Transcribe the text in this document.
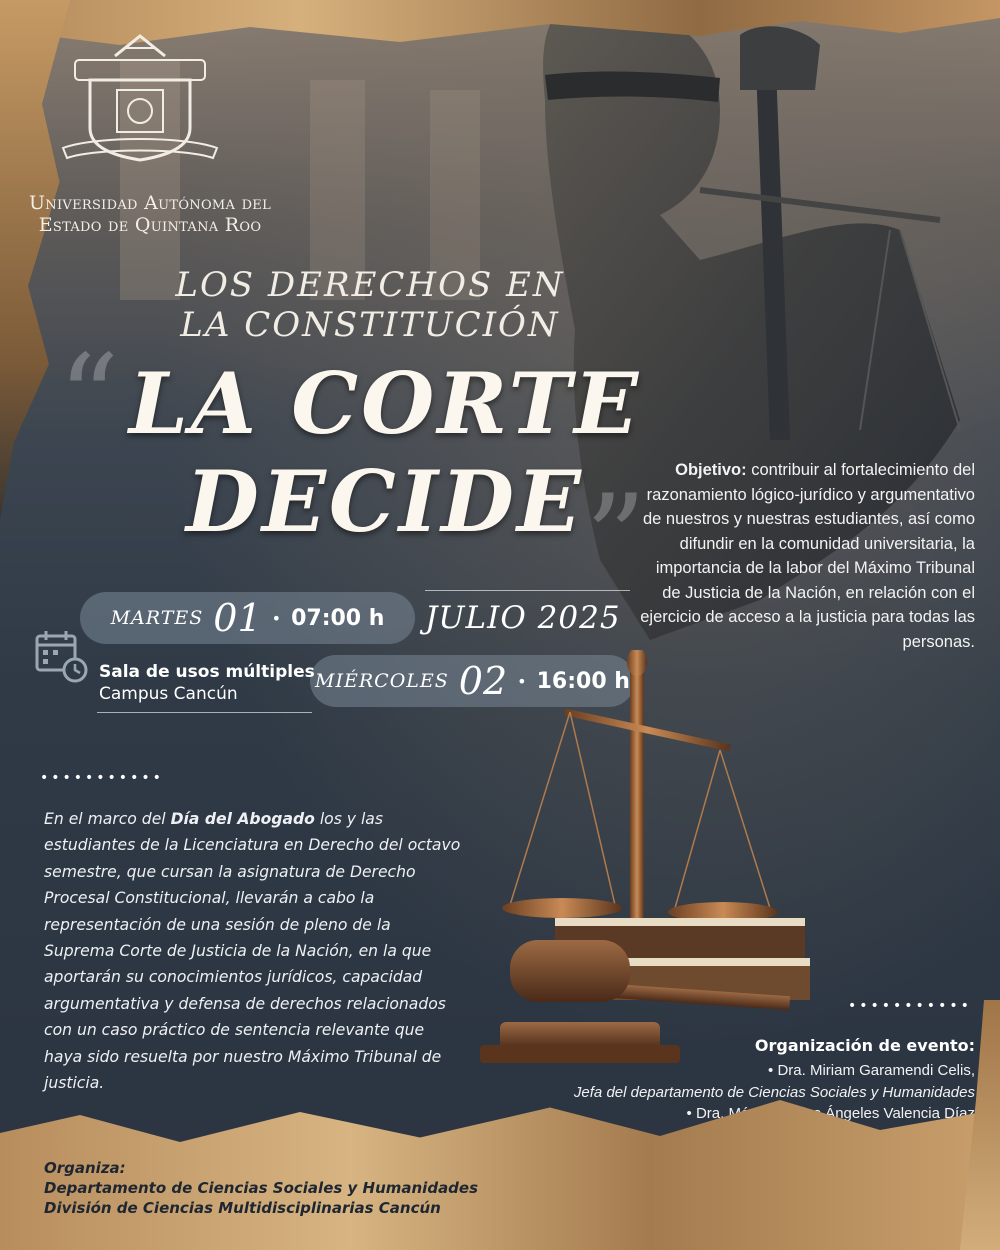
Universidad Autónoma del
Estado de Quintana Roo
LOS DERECHOS EN
LA CONSTITUCIÓN
“ LA CORTE
DECIDE ”
MARTES 01 • 07:00 h JULIO 2025
MIÉRCOLES 02 • 16:00 h
Sala de usos múltiples
Campus Cancún
Objetivo: contribuir al fortalecimiento del razonamiento lógico-jurídico y argumentativo de nuestros y nuestras estudiantes, así como difundir en la comunidad universitaria, la importancia de la labor del Máximo Tribunal de Justicia de la Nación, en relación con el ejercicio de acceso a la justicia para todas las personas.
•••••••••••
En el marco del Día del Abogado los y las estudiantes de la Licenciatura en Derecho del octavo semestre, que cursan la asignatura de Derecho Procesal Constitucional, llevarán a cabo la representación de una sesión de pleno de la Suprema Corte de Justicia de la Nación, en la que aportarán su conocimientos jurídicos, capacidad argumentativa y defensa de derechos relacionados con un caso práctico de sentencia relevante que haya sido resuelta por nuestro Máximo Tribunal de justicia.
•••••••••••
Organización de evento:
• Dra. Miriam Garamendi Celis,
Jefa del departamento de Ciencias Sociales y Humanidades
• Dra. Mónica de los Ángeles Valencia Díaz
Organiza:
Departamento de Ciencias Sociales y Humanidades
División de Ciencias Multidisciplinarias Cancún
